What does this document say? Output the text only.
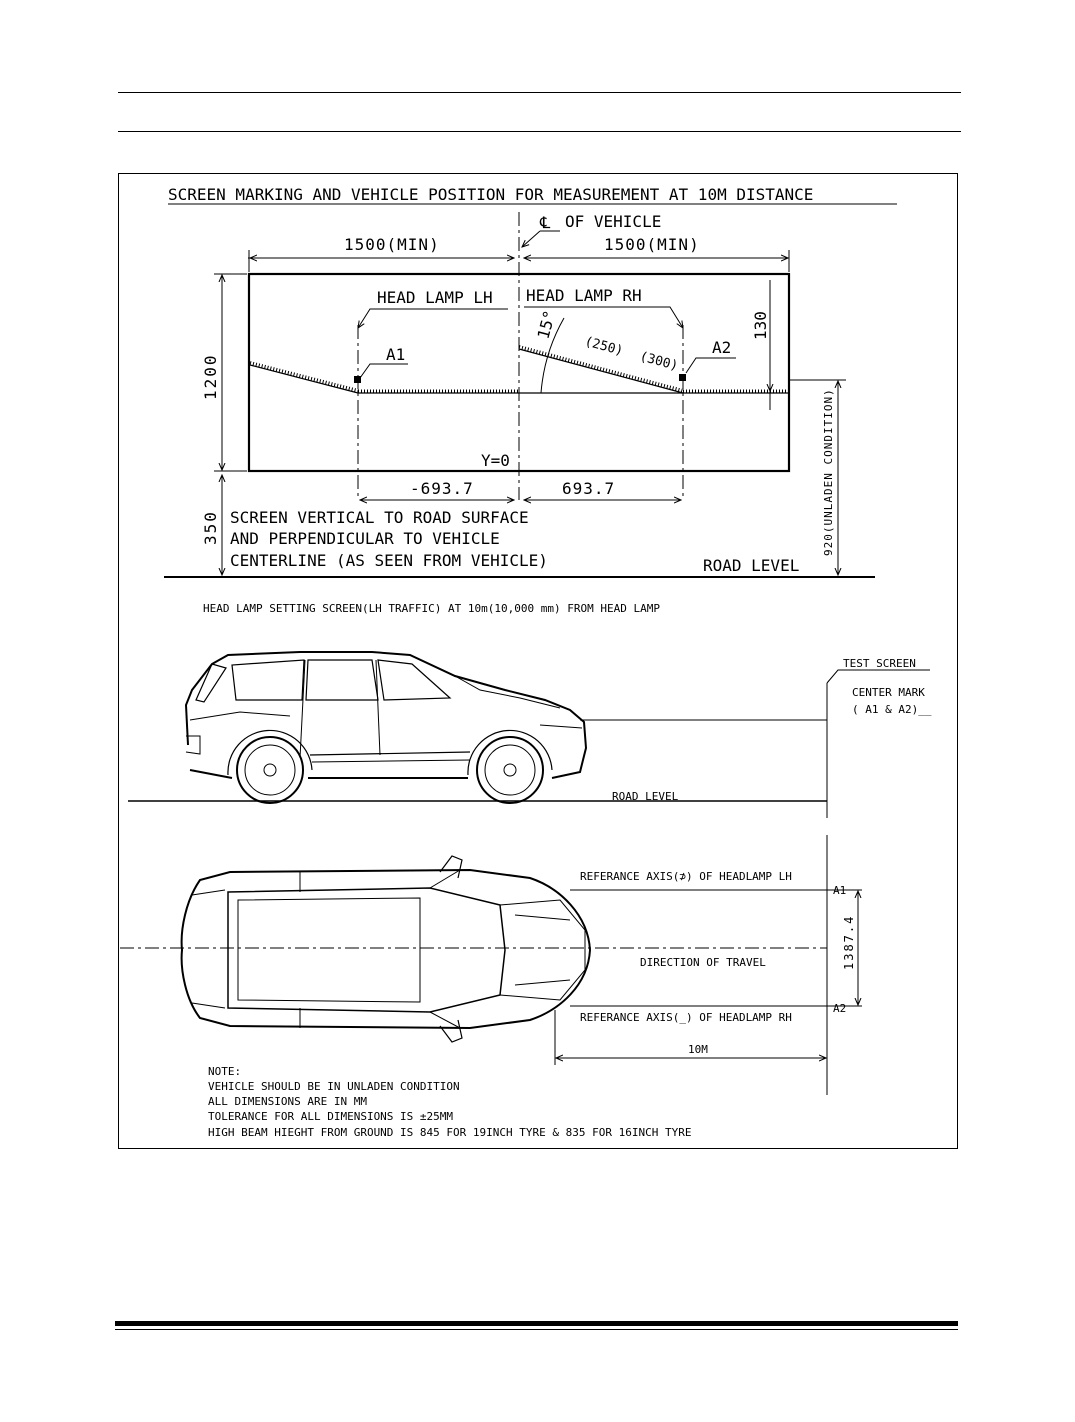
SCREEN MARKING AND VEHICLE POSITION FOR MEASUREMENT AT 10M DISTANCE
℄ OF VEHICLE
1500(MIN)	1500(MIN)
1200
HEAD LAMP LH HEAD LAMP RH
A1	A2
15°
(250)
(300)
130
920(UNLADEN CONDITION)
Y=0
-693.7	693.7
350 SCREEN VERTICAL TO ROAD SURFACE
AND PERPENDICULAR TO VEHICLE
CENTERLINE (AS SEEN FROM VEHICLE)	ROAD LEVEL
HEAD LAMP SETTING SCREEN(LH TRAFFIC) AT 10m(10,000 mm) FROM HEAD LAMP
TEST SCREEN
CENTER MARK
( A1 & A2)__
ROAD LEVEL
REFERANCE AXIS(⊅) OF HEADLAMP LH
REFERANCE AXIS(_) OF HEADLAMP RH
DIRECTION OF TRAVEL
A1
A2
1387.4
10M
NOTE:
VEHICLE SHOULD BE IN UNLADEN CONDITION
ALL DIMENSIONS ARE IN MM
TOLERANCE FOR ALL DIMENSIONS IS ±25MM
HIGH BEAM HIEGHT FROM GROUND IS 845 FOR 19INCH TYRE & 835 FOR 16INCH TYRE
